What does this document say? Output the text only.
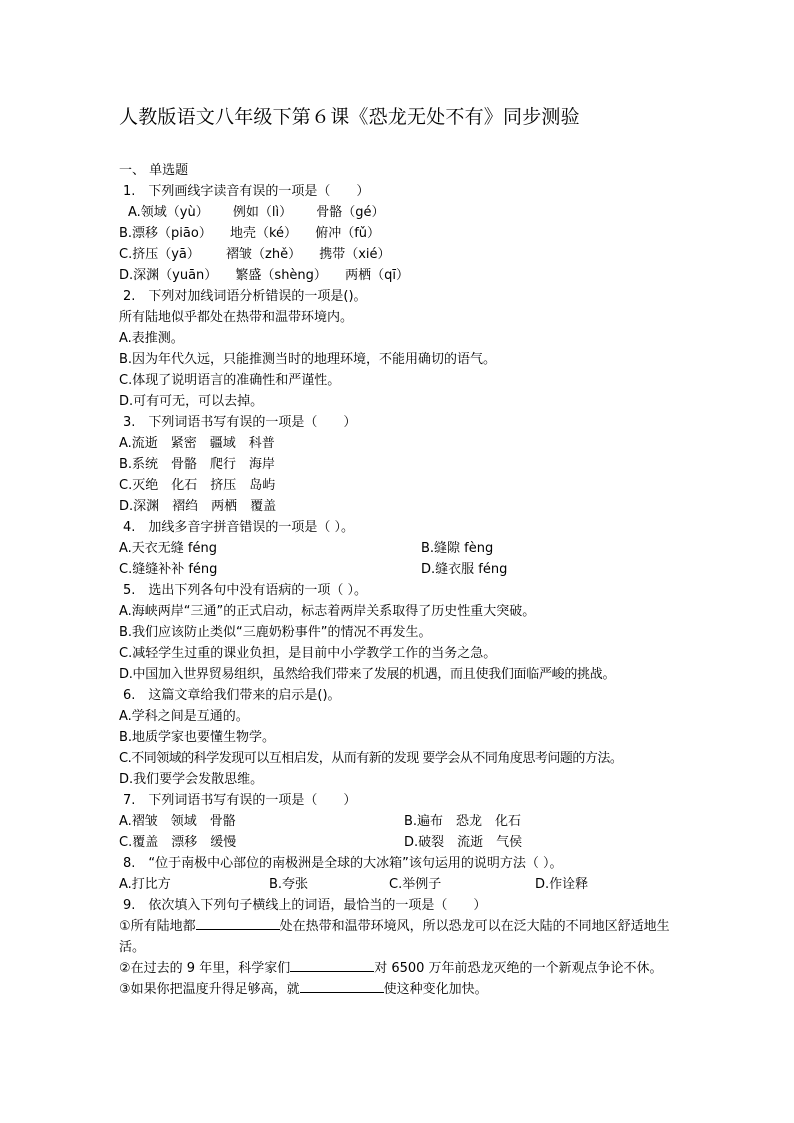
人教版语文八年级下第６课《恐龙无处不有》同步测验
一、 单选题
1.　下列画线字读音有误的一项是（　　）
A.领域（yù） 例如（lì） 骨骼（gé）
B.漂移（piāo） 地壳（ké） 俯冲（fǔ）
C.挤压（yā） 褶皱（zhě） 携带（xié）
D.深渊（yuān） 繁盛（shèng） 两栖（qī）
2.　下列对加线词语分析错误的一项是()。
所有陆地似乎都处在热带和温带环境内。
A.表推测。
B.因为年代久远，只能推测当时的地理环境，不能用确切的语气。
C.体现了说明语言的准确性和严谨性。
D.可有可无，可以去掉。
3.　下列词语书写有误的一项是（　　）
A.流逝　紧密　疆域　科普
B.系统　骨骼　爬行　海岸
C.灭绝　化石　挤压　岛屿
D.深渊　褶绉　两栖　覆盖
4.　加线多音字拼音错误的一项是（ ）。
A.天衣无缝 féng	B.缝隙 fèng
C.缝缝补补 féng	D.缝衣服 féng
5.　选出下列各句中没有语病的一项（ ）。
A.海峡两岸“三通”的正式启动，标志着两岸关系取得了历史性重大突破。
B.我们应该防止类似“三鹿奶粉事件”的情况不再发生。
C.减轻学生过重的课业负担，是目前中小学教学工作的当务之急。
D.中国加入世界贸易组织，虽然给我们带来了发展的机遇，而且使我们面临严峻的挑战。
6.　这篇文章给我们带来的启示是()。
A.学科之间是互通的。
B.地质学家也要懂生物学。
C.不同领域的科学发现可以互相启发，从而有新的发现 要学会从不同角度思考问题的方法。
D.我们要学会发散思维。
7.　下列词语书写有误的一项是（　　）
A.褶皱　领域　骨骼	B.遍布　恐龙　化石
C.覆盖　漂移　缓慢	D.破裂　流逝　气侯
8.　“位于南极中心部位的南极洲是全球的大冰箱”该句运用的说明方法（ ）。
A.打比方	B.夸张	C.举例子	D.作诠释
9.　依次填入下列句子横线上的词语，最恰当的一项是（　　）
①所有陆地都	处在热带和温带环境风，所以恐龙可以在泛大陆的不同地区舒适地生活。
②在过去的 9 年里，科学家们	对 6500 万年前恐龙灭绝的一个新观点争论不休。
③如果你把温度升得足够高，就	使这种变化加快。
